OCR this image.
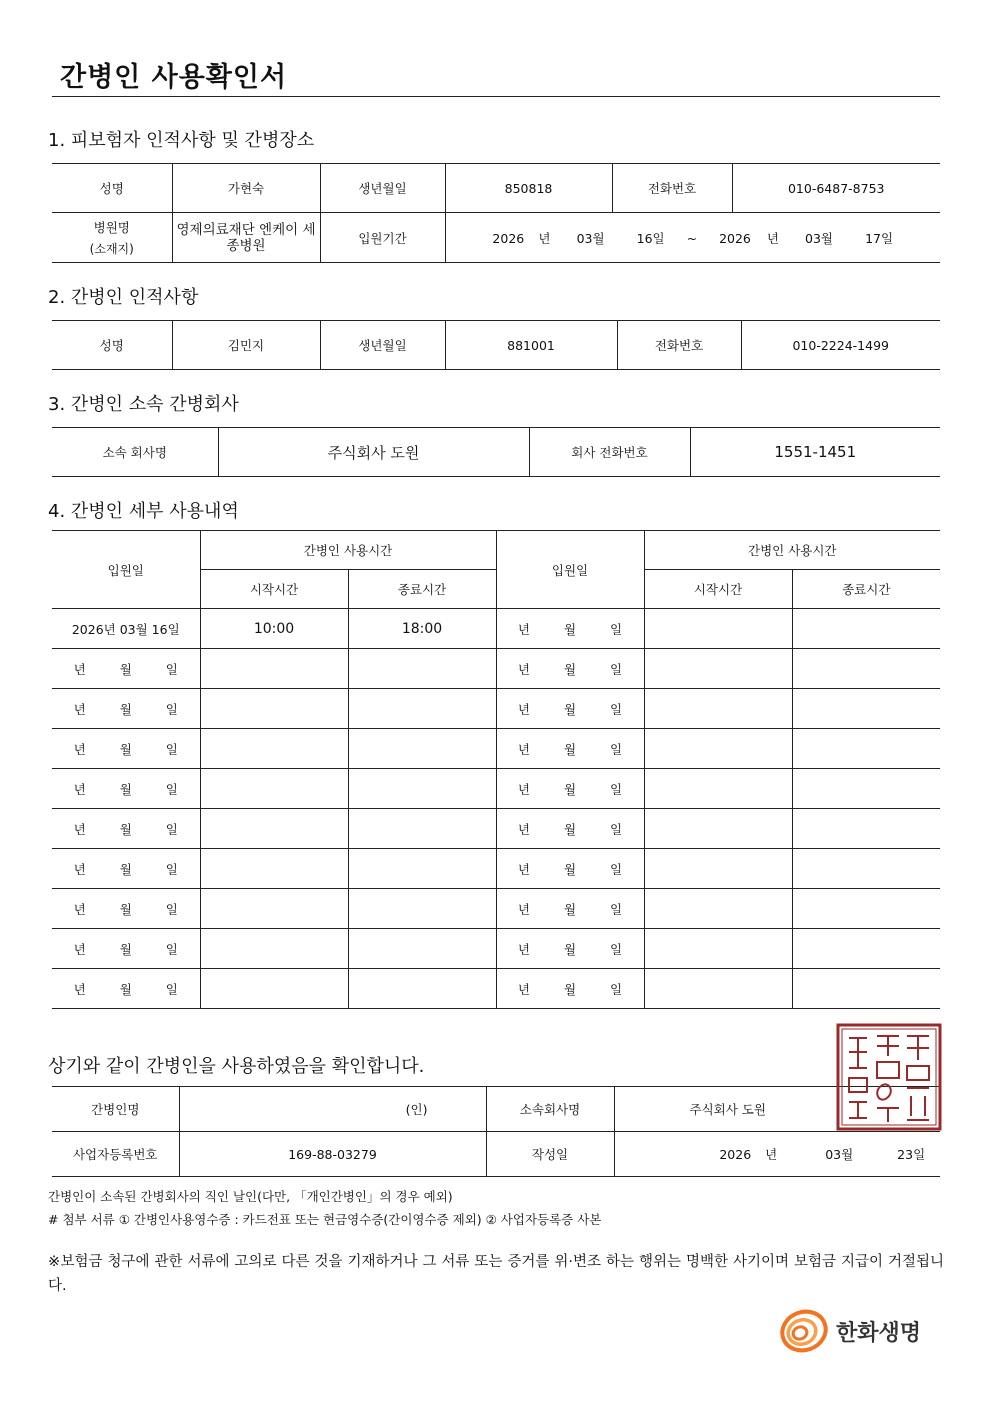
간병인 사용확인서
1. 피보험자 인적사항 및 간병장소
성명	가현숙	생년월일	850818	전화번호	010-6487-8753

병원명
(소재지)	영제의료재단 엔케이 세종병원	입원기간	2026 년 03월 16일 ~ 2026 년 03월 17일		
2. 간병인 인적사항
성명	김민지	생년월일	881001	전화번호	010-2224-1499
3. 간병인 소속 간병회사
소속 회사명	주식회사 도원	회사 전화번호	1551-1451
4. 간병인 세부 사용내역
입원일	간병인 사용시간		입원일	간병인 사용시간	
	시작시간	종료시간		시작시간	종료시간
2026년 03월 16일	10:00	18:00	년 월 일		

년 월 일			년 월 일		

년 월 일			년 월 일		

년 월 일			년 월 일		

년 월 일			년 월 일		

년 월 일			년 월 일		

년 월 일			년 월 일		

년 월 일			년 월 일		

년 월 일			년 월 일		

년 월 일			년 월 일		

상기와 같이 간병인을 사용하였음을 확인합니다.
간병인명	(인)	소속회사명	주식회사 도원
사업자등록번호	169-88-03279	작성일	2026 년 03월 23일
간병인이 소속된 간병회사의 직인 날인(다만, 「개인간병인」의 경우 예외)
# 첨부 서류 ① 간병인사용영수증 : 카드전표 또는 현금영수증(간이영수증 제외) ② 사업자등록증 사본
※보험금 청구에 관한 서류에 고의로 다른 것을 기재하거나 그 서류 또는 증거를 위·변조 하는 행위는 명백한 사기이며 보험금 지급이 거절됩니다.
한화생명
